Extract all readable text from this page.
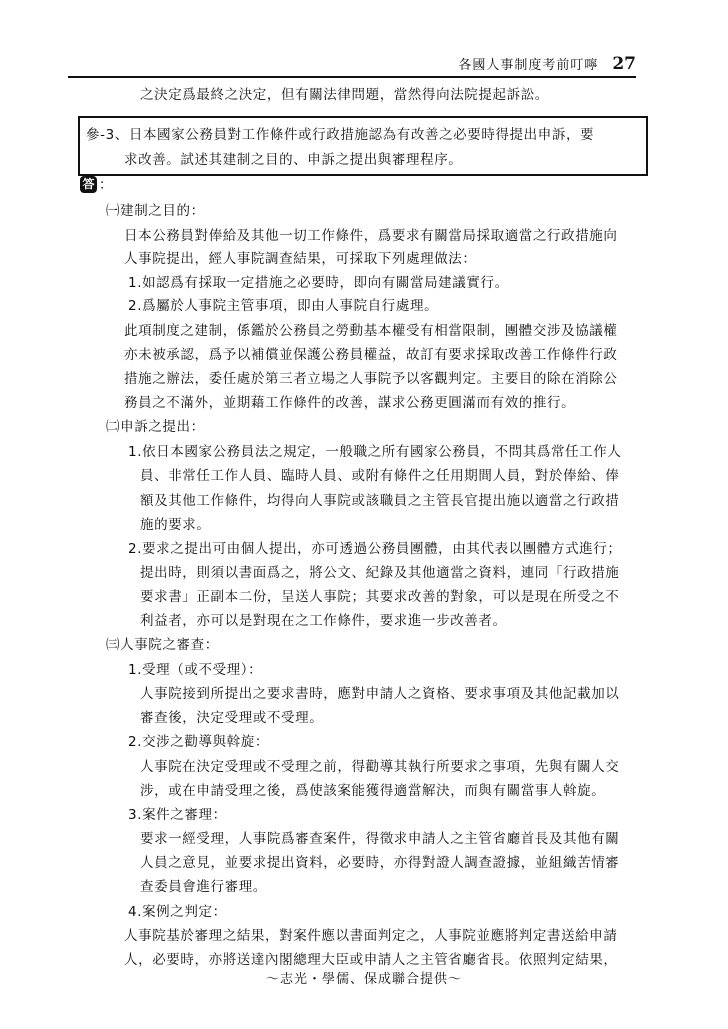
各國人事制度考前叮嚀 27
之決定爲最終之決定，但有關法律問題，當然得向法院提起訴訟。
參-3、日本國家公務員對工作條件或行政措施認為有改善之必要時得提出申訴，要
求改善。試述其建制之目的、申訴之提出與審理程序。
答 ：
㈠建制之目的：
日本公務員對俸給及其他一切工作條件，爲要求有關當局採取適當之行政措施向
人事院提出，經人事院調查結果，可採取下列處理做法：
1.如認爲有採取一定措施之必要時，即向有關當局建議實行。
2.爲屬於人事院主管事項，即由人事院自行處理。
此項制度之建制，係鑑於公務員之勞動基本權受有相當限制，團體交涉及協議權
亦未被承認，爲予以補償並保護公務員權益，故訂有要求採取改善工作條件行政
措施之辦法，委任處於第三者立場之人事院予以客觀判定。主要目的除在消除公
務員之不滿外，並期藉工作條件的改善，謀求公務更圓滿而有效的推行。
㈡申訴之提出：
1.依日本國家公務員法之規定，一般職之所有國家公務員，不問其爲常任工作人
員、非常任工作人員、臨時人員、或附有條件之任用期間人員，對於俸給、俸
額及其他工作條件，均得向人事院或該職員之主管長官提出施以適當之行政措
施的要求。
2.要求之提出可由個人提出，亦可透過公務員團體，由其代表以團體方式進行；
提出時，則須以書面爲之，將公文、紀錄及其他適當之資料，連同「行政措施
要求書」正副本二份，呈送人事院；其要求改善的對象，可以是現在所受之不
利益者，亦可以是對現在之工作條件，要求進一步改善者。
㈢人事院之審查：
1.受理（或不受理）：
人事院接到所提出之要求書時，應對申請人之資格、要求事項及其他記載加以
審查後，決定受理或不受理。
2.交涉之勸導與斡旋：
人事院在決定受理或不受理之前，得勸導其執行所要求之事項，先與有關人交
涉，或在申請受理之後，爲使該案能獲得適當解決，而與有關當事人斡旋。
3.案件之審理：
要求一經受理，人事院爲審查案件，得徵求申請人之主管省廳首長及其他有關
人員之意見，並要求提出資料，必要時，亦得對證人調查證據，並組織苦情審
查委員會進行審理。
4.案例之判定：
人事院基於審理之結果，對案件應以書面判定之，人事院並應將判定書送給申請
人，必要時，亦將送達內閣總理大臣或申請人之主管省廳省長。依照判定結果，
～志光・學儒、保成聯合提供～
